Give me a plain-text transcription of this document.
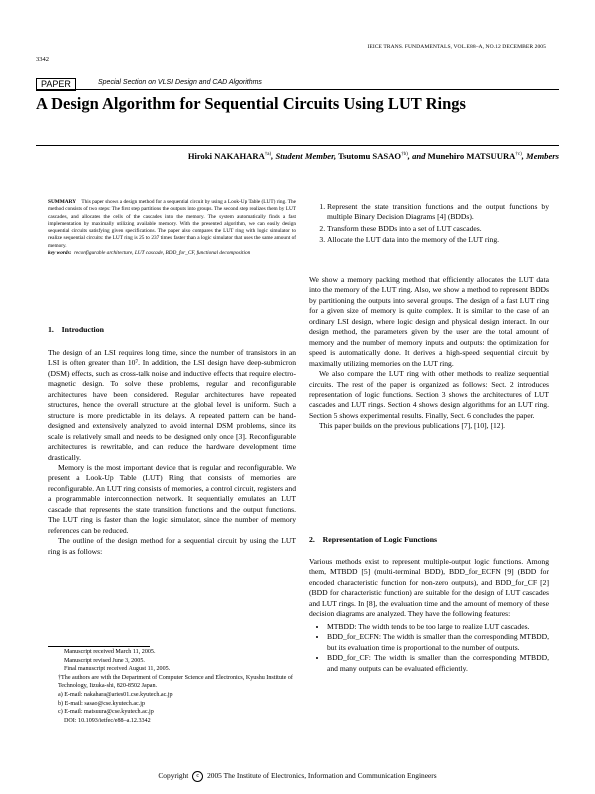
IEICE TRANS. FUNDAMENTALS, VOL.E88–A, NO.12 DECEMBER 2005
3342
PAPER	Special Section on VLSI Design and CAD Algorithms
A Design Algorithm for Sequential Circuits Using LUT Rings
Hiroki NAKAHARA$^{\dagger a)}$, Student Member, Tsutomu SASAO$^{\dagger b)}$, and Munehiro MATSUURA$^{\dagger c)}$, Members
SUMMARY This paper shows a design method for a sequential circuit by using a Look-Up Table (LUT) ring. The method consists of two steps: The first step partitions the outputs into groups. The second step realizes them by LUT cascades, and allocates the cells of the cascades into the memory. The system automatically finds a fast implementation by maximally utilizing available memory. With the presented algorithm, we can easily design sequential circuits satisfying given specifications. The paper also compares the LUT ring with logic simulator to realize sequential circuits: the LUT ring is 25 to 237 times faster than a logic simulator that uses the same amount of memory.
key words: reconfigurable architecture, LUT cascade, BDD_for_CF, functional decomposition
1.    Introduction

The design of an LSI requires long time, since the number of transistors in an LSI is often greater than 10⁷. In addition, the LSI design have deep-submicron (DSM) effects, such as cross-talk noise and inductive effects that require electro-magnetic design. To solve these problems, regular and reconfigurable architectures have been considered. Regular architectures have repeated structures, hence the overall structure at the global level is uniform. Such a structure is more predictable in its delays. A repeated pattern can be hand-designed and extensively analyzed to avoid internal DSM problems, since its scale is relatively small and needs to be designed only once [3]. Reconfigurable architectures is rewritable, and can reduce the hardware development time drastically.

Memory is the most important device that is regular and reconfigurable. We present a Look-Up Table (LUT) Ring that consists of memories are reconfigurable. An LUT ring consists of memories, a control circuit, registers and a programmable interconnection network. It sequentially emulates an LUT cascade that represents the state transition functions and the output functions. The LUT ring is faster than the logic simulator, since the number of memory references can be reduced.

The outline of the design method for a sequential circuit by using the LUT ring is as follows:

Manuscript received March 11, 2005.
Manuscript revised June 3, 2005.
Final manuscript received August 11, 2005.
†The authors are with the Department of Computer Science and Electronics, Kyushu Institute of Technology, Iizuka-shi, 820-8502 Japan.
a) E-mail: nakahara@aries01.cse.kyutech.ac.jp
b) E-mail: sasao@cse.kyutech.ac.jp
c) E-mail: matsuura@cse.kyutech.ac.jp
DOI: 10.1093/ietfec/e88–a.12.3342
1. Represent the state transition functions and the output functions by multiple Binary Decision Diagrams [4] (BDDs).
2. Transform these BDDs into a set of LUT cascades.
3. Allocate the LUT data into the memory of the LUT ring.

We show a memory packing method that efficiently allocates the LUT data into the memory of the LUT ring. Also, we show a method to represent BDDs by partitioning the outputs into several groups. The design of a fast LUT ring for a given size of memory is quite complex. It is similar to the case of an ordinary LSI design, where logic design and physical design interact. In our design method, the parameters given by the user are the total amount of memory and the number of memory inputs and outputs: the optimization for speed is automatically done. It derives a high-speed sequential circuit by maximally utilizing memories on the LUT ring.

We also compare the LUT ring with other methods to realize sequential circuits. The rest of the paper is organized as follows: Sect. 2 introduces representation of logic functions. Section 3 shows the architectures of LUT cascades and LUT rings. Section 4 shows design algorithms for an LUT ring. Section 5 shows experimental results. Finally, Sect. 6 concludes the paper.

This paper builds on the previous publications [7], [10], [12].

2.    Representation of Logic Functions

Various methods exist to represent multiple-output logic functions. Among them, MTBDD [5] (multi-terminal BDD), BDD_for_ECFN [9] (BDD for encoded characteristic function for non-zero outputs), and BDD_for_CF [2] (BDD for characteristic function) are suitable for the design of LUT cascades and LUT rings. In [8], the evaluation time and the amount of memory of these decision diagrams are analyzed. They have the following features:

• MTBDD: The width tends to be too large to realize LUT cascades.
• BDD_for_ECFN: The width is smaller than the corresponding MTBDD, but its evaluation time is proportional to the number of outputs.
• BDD_for_CF: The width is smaller than the corresponding MTBDD, and many outputs can be evaluated efficiently.
Copyright c 2005 The Institute of Electronics, Information and Communication Engineers
